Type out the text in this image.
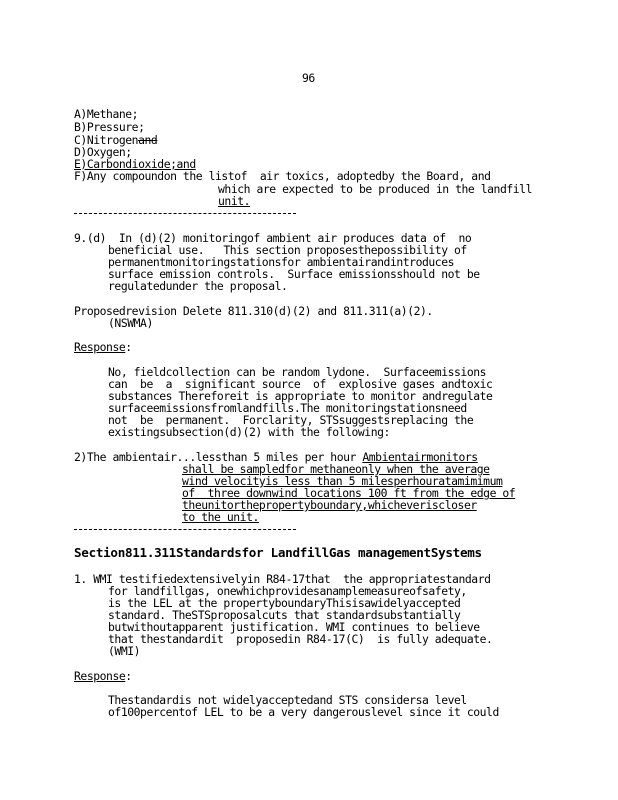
96
A)Methane;
B)Pressure;
C)Nitrogenand
D)Oxygen;
E)Carbondioxide;and
F)Any compoundon the listof  air toxics, adoptedby the Board, and
which are expected to be produced in the landfill
unit.
9.(d)  In (d)(2) monitoringof ambient air produces data of  no
beneficial use.   This section proposesthepossibility of
permanentmonitoringstationsfor ambientairandintroduces
surface emission controls.  Surface emissionsshould not be
regulatedunder the proposal.
Proposedrevision Delete 811.310(d)(2) and 811.311(a)(2).
(NSWMA)
Response:
No, fieldcollection can be random lydone.  Surfaceemissions
can  be  a  significant source  of  explosive gases andtoxic
substances Thereforeit is appropriate to monitor andregulate
surfaceemissionsfromlandfills.The monitoringstationsneed
not  be  permanent.  Forclarity, STSsuggestsreplacing the
existingsubsection(d)(2) with the following:
2)The ambientair...lessthan 5 miles per hour Ambientairmonitors
shall be sampledfor methaneonly when the average
wind velocityis less than 5 milesperhouratamimimum
of  three downwind locations 100 ft from the edge of
theunitorthepropertyboundary,whicheveriscloser
to the unit.
Section811.311Standardsfor LandfillGas managementSystems
1. WMI testifiedextensivelyin R84-17that  the appropriatestandard
for landfillgas, onewhichprovidesanamplemeasureofsafety,
is the LEL at the propertyboundaryThisisawidelyaccepted
standard. TheSTSproposalcuts that standardsubstantially
butwithoutapparent justification. WMI continues to believe
that thestandardit  proposedin R84-17(C)  is fully adequate.
(WMI)
Response:
Thestandardis not widelyacceptedand STS considersa level
of100percentof LEL to be a very dangerouslevel since it could
